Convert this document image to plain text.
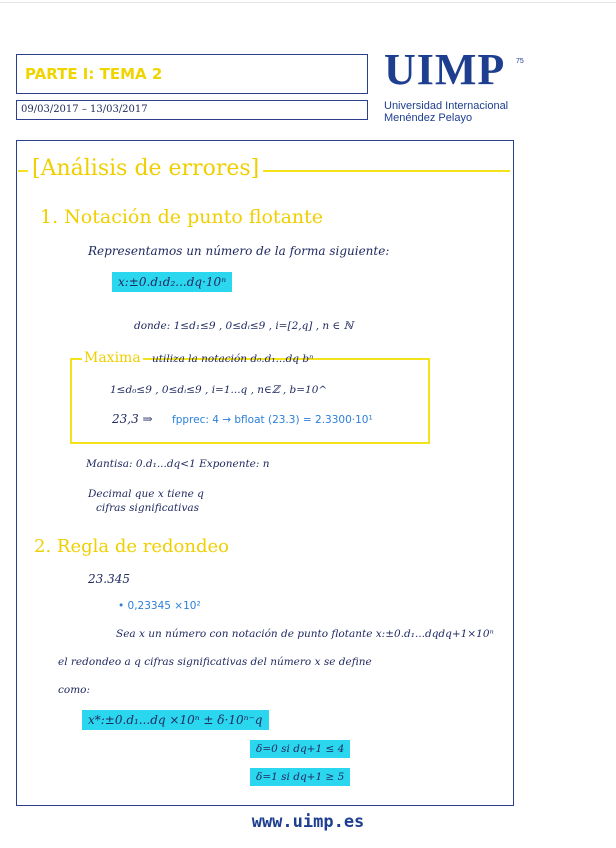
PARTE I: TEMA 2
09/03/2017 – 13/03/2017
UIMP 75
Universidad Internacional
Menéndez Pelayo
[Análisis de errores]
1. Notación de punto flotante
Representamos un número de la forma siguiente:
x:±0.d₁d₂...dq·10ⁿ
donde: 1≤d₁≤9 , 0≤dᵢ≤9 , i=[2,q] , n ∈ ℕ
Maxima utiliza la notación d₀.d₁...dq bⁿ
1≤d₀≤9 , 0≤dᵢ≤9 , i=1...q , n∈ℤ , b=10^
23,3 ⇒ fpprec: 4 → bfloat (23.3) = 2.3300·10¹
Mantisa: 0.d₁...dq<1 Exponente: n
Decimal que x tiene q
cifras significativas
2. Regla de redondeo
23.345
• 0,23345 ×10²
Sea x un número con notación de punto flotante x:±0.d₁...dqdq+1×10ⁿ
el redondeo a q cifras significativas del número x se define
como:
x*:±0.d₁...dq ×10ⁿ ± δ·10ⁿ⁻q
δ=0 si dq+1 ≤ 4
δ=1 si dq+1 ≥ 5
www.uimp.es
